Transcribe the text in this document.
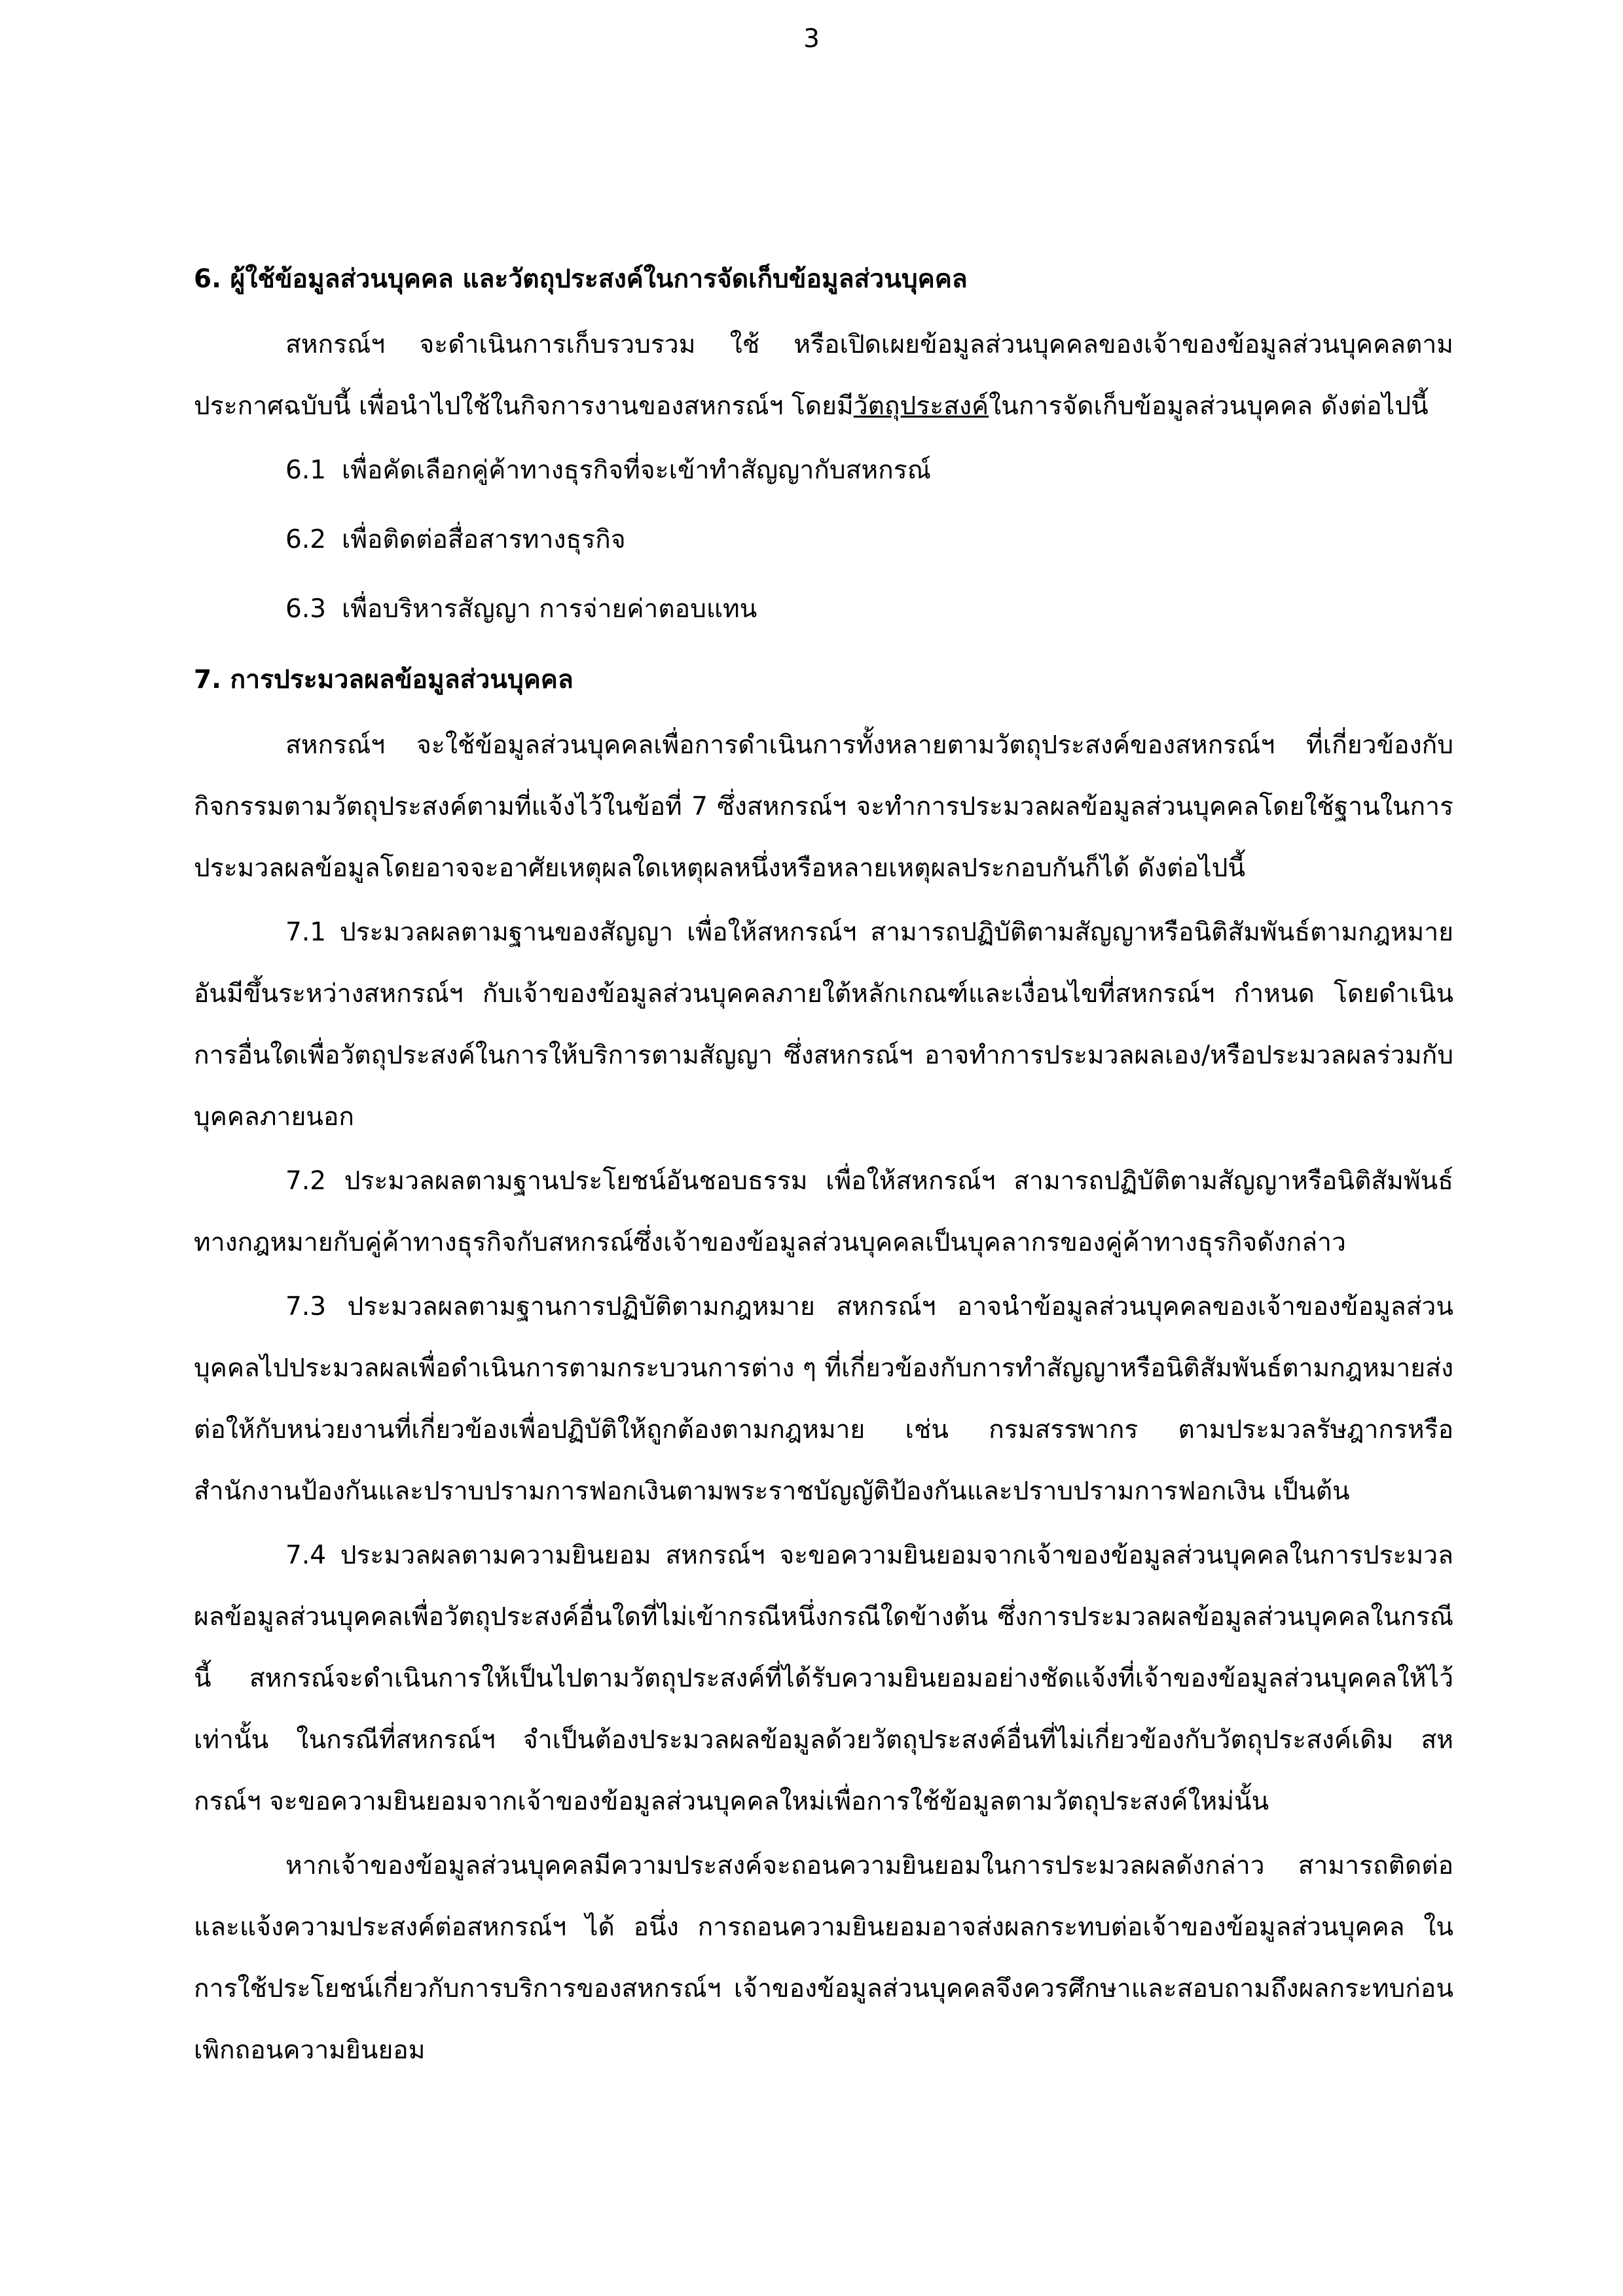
3
6. ผู้ใช้ข้อมูลส่วนบุคคล และวัตถุประสงค์ในการจัดเก็บข้อมูลส่วนบุคคล

สหกรณ์ฯ จะดำเนินการเก็บรวบรวม ใช้ หรือเปิดเผยข้อมูลส่วนบุคคลของเจ้าของข้อมูลส่วนบุคคลตามประกาศฉบับนี้ เพื่อนำไปใช้ในกิจการงานของสหกรณ์ฯ โดยมีวัตถุประสงค์ในการจัดเก็บข้อมูลส่วนบุคคล ดังต่อไปนี้

6.1 เพื่อคัดเลือกคู่ค้าทางธุรกิจที่จะเข้าทำสัญญากับสหกรณ์
6.2 เพื่อติดต่อสื่อสารทางธุรกิจ
6.3 เพื่อบริหารสัญญา การจ่ายค่าตอบแทน
7. การประมวลผลข้อมูลส่วนบุคคล

สหกรณ์ฯ จะใช้ข้อมูลส่วนบุคคลเพื่อการดำเนินการทั้งหลายตามวัตถุประสงค์ของสหกรณ์ฯ ที่เกี่ยวข้องกับกิจกรรมตามวัตถุประสงค์ตามที่แจ้งไว้ในข้อที่ 7 ซึ่งสหกรณ์ฯ จะทำการประมวลผลข้อมูลส่วนบุคคลโดยใช้ฐานในการประมวลผลข้อมูลโดยอาจจะอาศัยเหตุผลใดเหตุผลหนึ่งหรือหลายเหตุผลประกอบกันก็ได้ ดังต่อไปนี้

7.1 ประมวลผลตามฐานของสัญญา เพื่อให้สหกรณ์ฯ สามารถปฏิบัติตามสัญญาหรือนิติสัมพันธ์ตามกฎหมายอันมีขึ้นระหว่างสหกรณ์ฯ กับเจ้าของข้อมูลส่วนบุคคลภายใต้หลักเกณฑ์และเงื่อนไขที่สหกรณ์ฯ กำหนด โดยดำเนินการอื่นใดเพื่อวัตถุประสงค์ในการให้บริการตามสัญญา ซึ่งสหกรณ์ฯ อาจทำการประมวลผลเอง/หรือประมวลผลร่วมกับบุคคลภายนอก

7.2 ประมวลผลตามฐานประโยชน์อันชอบธรรม เพื่อให้สหกรณ์ฯ สามารถปฏิบัติตามสัญญาหรือนิติสัมพันธ์ทางกฎหมายกับคู่ค้าทางธุรกิจกับสหกรณ์ซึ่งเจ้าของข้อมูลส่วนบุคคลเป็นบุคลากรของคู่ค้าทางธุรกิจดังกล่าว

7.3 ประมวลผลตามฐานการปฏิบัติตามกฎหมาย สหกรณ์ฯ อาจนำข้อมูลส่วนบุคคลของเจ้าของข้อมูลส่วนบุคคลไปประมวลผลเพื่อดำเนินการตามกระบวนการต่าง ๆ ที่เกี่ยวข้องกับการทำสัญญาหรือนิติสัมพันธ์ตามกฎหมายส่งต่อให้กับหน่วยงานที่เกี่ยวข้องเพื่อปฏิบัติให้ถูกต้องตามกฎหมาย เช่น กรมสรรพากร ตามประมวลรัษฎากรหรือสำนักงานป้องกันและปราบปรามการฟอกเงินตามพระราชบัญญัติป้องกันและปราบปรามการฟอกเงิน เป็นต้น

7.4 ประมวลผลตามความยินยอม สหกรณ์ฯ จะขอความยินยอมจากเจ้าของข้อมูลส่วนบุคคลในการประมวลผลข้อมูลส่วนบุคคลเพื่อวัตถุประสงค์อื่นใดที่ไม่เข้ากรณีหนึ่งกรณีใดข้างต้น ซึ่งการประมวลผลข้อมูลส่วนบุคคลในกรณีนี้ สหกรณ์จะดำเนินการให้เป็นไปตามวัตถุประสงค์ที่ได้รับความยินยอมอย่างชัดแจ้งที่เจ้าของข้อมูลส่วนบุคคลให้ไว้เท่านั้น ในกรณีที่สหกรณ์ฯ จำเป็นต้องประมวลผลข้อมูลด้วยวัตถุประสงค์อื่นที่ไม่เกี่ยวข้องกับวัตถุประสงค์เดิม สหกรณ์ฯ จะขอความยินยอมจากเจ้าของข้อมูลส่วนบุคคลใหม่เพื่อการใช้ข้อมูลตามวัตถุประสงค์ใหม่นั้น

หากเจ้าของข้อมูลส่วนบุคคลมีความประสงค์จะถอนความยินยอมในการประมวลผลดังกล่าว สามารถติดต่อและแจ้งความประสงค์ต่อสหกรณ์ฯ ได้ อนึ่ง การถอนความยินยอมอาจส่งผลกระทบต่อเจ้าของข้อมูลส่วนบุคคล ในการใช้ประโยชน์เกี่ยวกับการบริการของสหกรณ์ฯ เจ้าของข้อมูลส่วนบุคคลจึงควรศึกษาและสอบถามถึงผลกระทบก่อนเพิกถอนความยินยอม
